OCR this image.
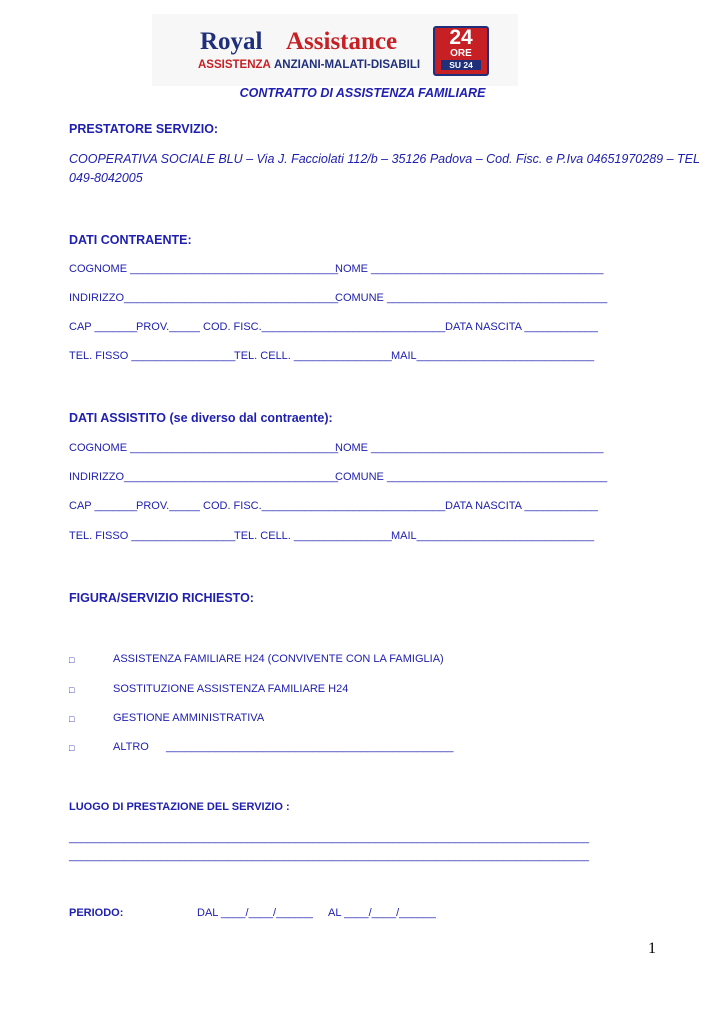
Royal Assistance	24
ORE
SU 24
ASSISTENZA ANZIANI-MALATI-DISABILI
CONTRATTO DI ASSISTENZA FAMILIARE
PRESTATORE SERVIZIO:
COOPERATIVA SOCIALE BLU – Via J. Facciolati 112/b – 35126 Padova – Cod. Fisc. e P.Iva 04651970289 – TEL
049-8042005
DATI CONTRAENTE:
COGNOME __________________________________
NOME ______________________________________
INDIRIZZO___________________________________
COMUNE ____________________________________
CAP _______
PROV._____ COD. FISC.______________________________ DATA NASCITA ____________
TEL. FISSO _________________
TEL. CELL. ________________ MAIL_____________________________
DATI ASSISTITO (se diverso dal contraente):
COGNOME __________________________________
NOME ______________________________________
INDIRIZZO___________________________________
COMUNE ____________________________________
CAP _______
PROV._____ COD. FISC.______________________________ DATA NASCITA ____________
TEL. FISSO _________________
TEL. CELL. ________________ MAIL_____________________________
FIGURA/SERVIZIO RICHIESTO:
□	ASSISTENZA FAMILIARE H24 (CONVIVENTE CON LA FAMIGLIA)
□	SOSTITUZIONE ASSISTENZA FAMILIARE H24
□	GESTIONE AMMINISTRATIVA
□	ALTRO _______________________________________________
LUOGO DI PRESTAZIONE DEL SERVIZIO :
_____________________________________________________________________________________
_____________________________________________________________________________________
PERIODO:	DAL ____/____/______ AL ____/____/______
1
